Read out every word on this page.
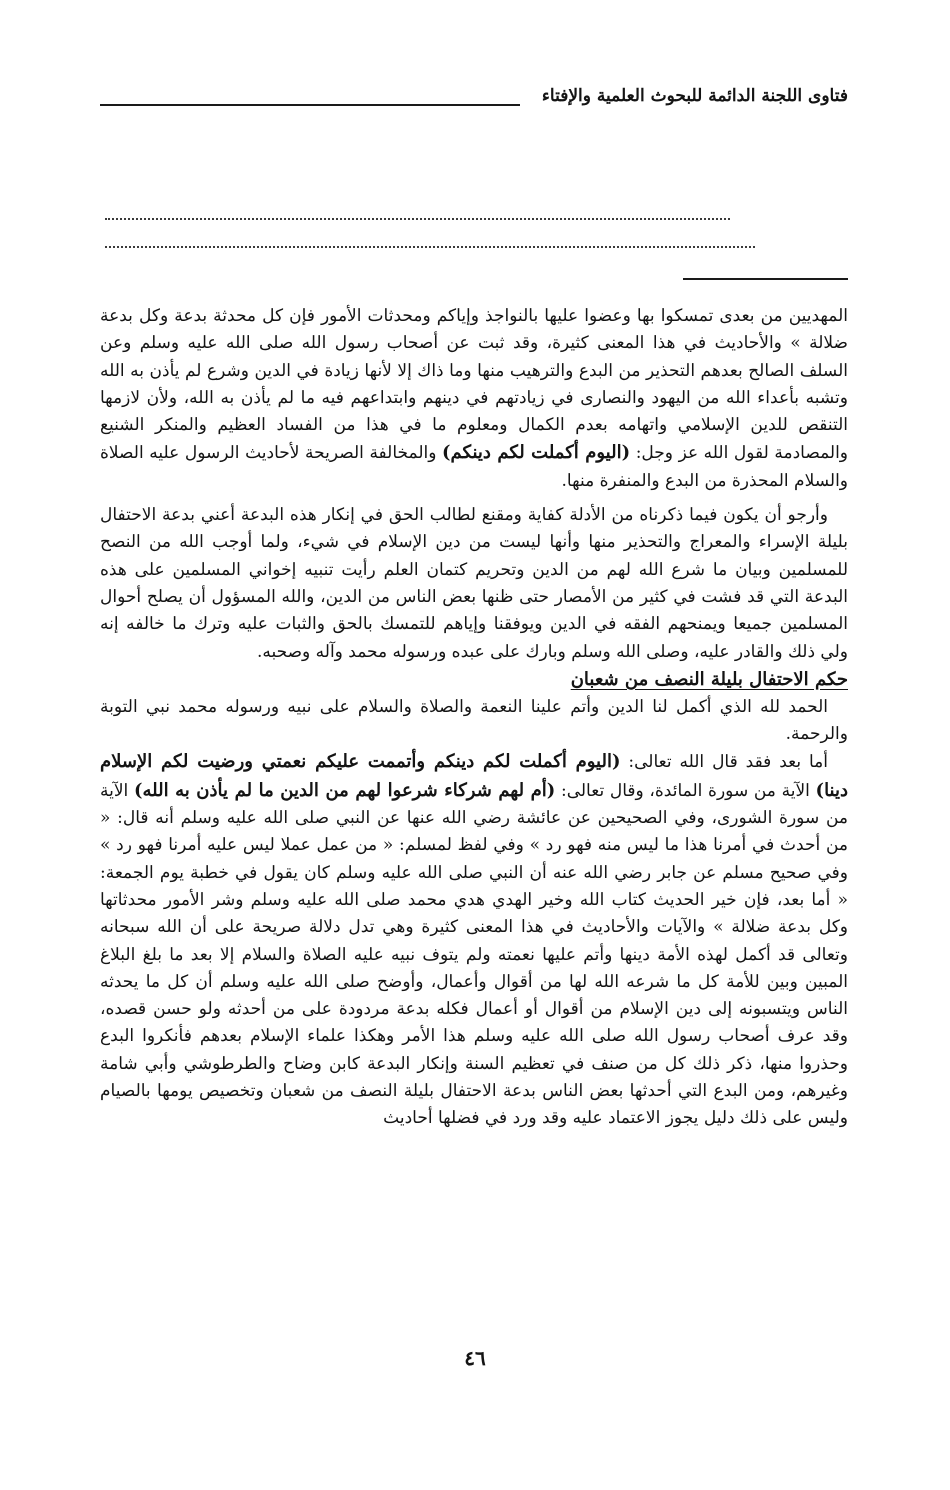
فتاوى اللجنة الدائمة للبحوث العلمية والإفتاء

المهديين من بعدى تمسكوا بها وعضوا عليها بالنواجذ وإياكم ومحدثات الأمور فإن كل محدثة بدعة وكل بدعة ضلالة » والأحاديث في هذا المعنى كثيرة، وقد ثبت عن أصحاب رسول الله صلى الله عليه وسلم وعن السلف الصالح بعدهم التحذير من البدع والترهيب منها وما ذاك إلا لأنها زيادة في الدين وشرع لم يأذن به الله وتشبه بأعداء الله من اليهود والنصارى في زيادتهم في دينهم وابتداعهم فيه ما لم يأذن به الله، ولأن لازمها التنقص للدين الإسلامي واتهامه بعدم الكمال ومعلوم ما في هذا من الفساد العظيم والمنكر الشنيع والمصادمة لقول الله عز وجل: (اليوم أكملت لكم دينكم) والمخالفة الصريحة لأحاديث الرسول عليه الصلاة والسلام المحذرة من البدع والمنفرة منها.

وأرجو أن يكون فيما ذكرناه من الأدلة كفاية ومقنع لطالب الحق في إنكار هذه البدعة أعني بدعة الاحتفال بليلة الإسراء والمعراج والتحذير منها وأنها ليست من دين الإسلام في شيء، ولما أوجب الله من النصح للمسلمين وبيان ما شرع الله لهم من الدين وتحريم كتمان العلم رأيت تنبيه إخواني المسلمين على هذه البدعة التي قد فشت في كثير من الأمصار حتى ظنها بعض الناس من الدين، والله المسؤول أن يصلح أحوال المسلمين جميعا ويمنحهم الفقه في الدين ويوفقنا وإياهم للتمسك بالحق والثبات عليه وترك ما خالفه إنه ولي ذلك والقادر عليه، وصلى الله وسلم وبارك على عبده ورسوله محمد وآله وصحبه.

حكم الاحتفال بليلة النصف من شعبان

الحمد لله الذي أكمل لنا الدين وأتم علينا النعمة والصلاة والسلام على نبيه ورسوله محمد نبي التوبة والرحمة.

أما بعد فقد قال الله تعالى: (اليوم أكملت لكم دينكم وأتممت عليكم نعمتي ورضيت لكم الإسلام دينا) الآية من سورة المائدة، وقال تعالى: (أم لهم شركاء شرعوا لهم من الدين ما لم يأذن به الله) الآية من سورة الشورى، وفي الصحيحين عن عائشة رضي الله عنها عن النبي صلى الله عليه وسلم أنه قال: « من أحدث في أمرنا هذا ما ليس منه فهو رد » وفي لفظ لمسلم: « من عمل عملا ليس عليه أمرنا فهو رد » وفي صحيح مسلم عن جابر رضي الله عنه أن النبي صلى الله عليه وسلم كان يقول في خطبة يوم الجمعة: « أما بعد، فإن خير الحديث كتاب الله وخير الهدي هدي محمد صلى الله عليه وسلم وشر الأمور محدثاتها وكل بدعة ضلالة » والآيات والأحاديث في هذا المعنى كثيرة وهي تدل دلالة صريحة على أن الله سبحانه وتعالى قد أكمل لهذه الأمة دينها وأتم عليها نعمته ولم يتوف نبيه عليه الصلاة والسلام إلا بعد ما بلغ البلاغ المبين وبين للأمة كل ما شرعه الله لها من أقوال وأعمال، وأوضح صلى الله عليه وسلم أن كل ما يحدثه الناس ويتسبونه إلى دين الإسلام من أقوال أو أعمال فكله بدعة مردودة على من أحدثه ولو حسن قصده، وقد عرف أصحاب رسول الله صلى الله عليه وسلم هذا الأمر وهكذا علماء الإسلام بعدهم فأنكروا البدع وحذروا منها، ذكر ذلك كل من صنف في تعظيم السنة وإنكار البدعة كابن وضاح والطرطوشي وأبي شامة وغيرهم، ومن البدع التي أحدثها بعض الناس بدعة الاحتفال بليلة النصف من شعبان وتخصيص يومها بالصيام وليس على ذلك دليل يجوز الاعتماد عليه وقد ورد في فضلها أحاديث

٤٦
